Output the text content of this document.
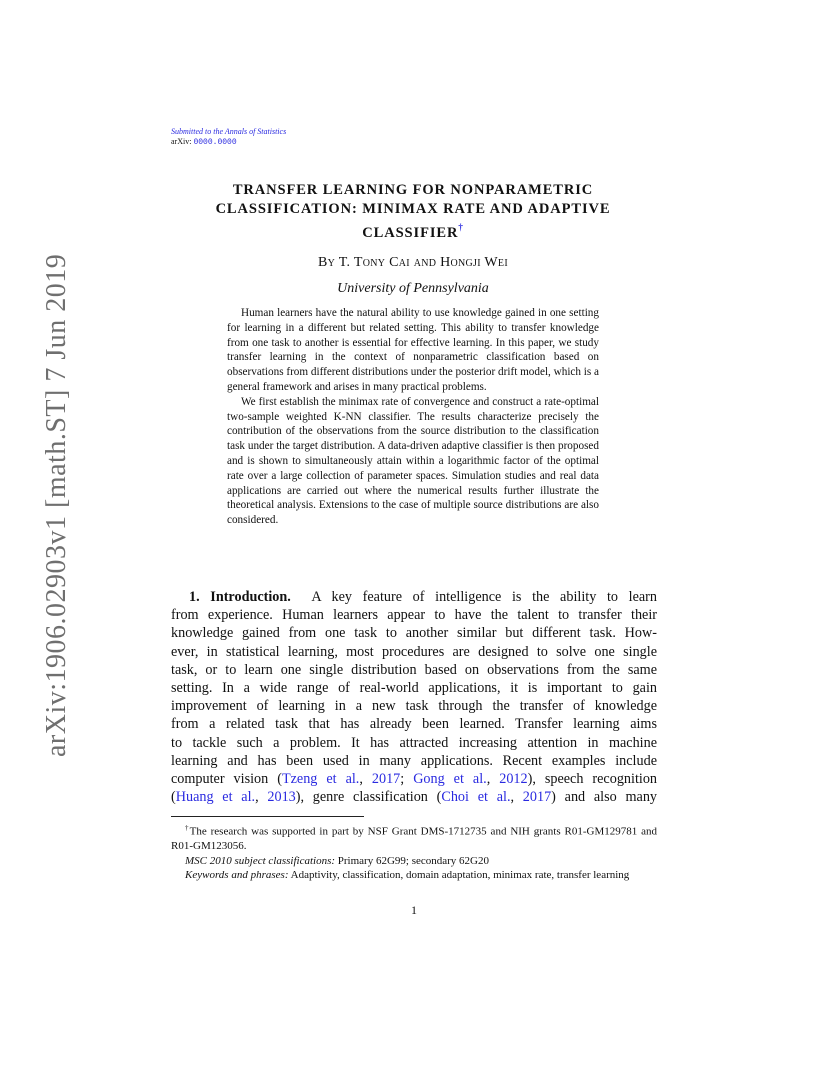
Submitted to the Annals of Statistics
arXiv: 0000.0000
arXiv:1906.02903v1 [math.ST] 7 Jun 2019
TRANSFER LEARNING FOR NONPARAMETRIC
CLASSIFICATION: MINIMAX RATE AND ADAPTIVE
CLASSIFIER†
By T. Tony Cai and Hongji Wei
University of Pennsylvania

Human learners have the natural ability to use knowledge gained in one setting for learning in a different but related setting. This ability to transfer knowledge from one task to another is essential for effective learning. In this paper, we study transfer learning in the context of nonparametric classification based on observations from different distributions under the posterior drift model, which is a general framework and arises in many practical problems.

We first establish the minimax rate of convergence and construct a rate-optimal two-sample weighted K-NN classifier. The results characterize precisely the contribution of the observations from the source distribution to the classification task under the target distribution. A data-driven adaptive classifier is then proposed and is shown to simultaneously attain within a logarithmic factor of the optimal rate over a large collection of parameter spaces. Simulation studies and real data applications are carried out where the numerical results further illustrate the theoretical analysis. Extensions to the case of multiple source distributions are also considered.

1. Introduction. A key feature of intelligence is the ability to learn
from experience. Human learners appear to have the talent to transfer their
knowledge gained from one task to another similar but different task. How-
ever, in statistical learning, most procedures are designed to solve one single
task, or to learn one single distribution based on observations from the same
setting. In a wide range of real-world applications, it is important to gain
improvement of learning in a new task through the transfer of knowledge
from a related task that has already been learned. Transfer learning aims
to tackle such a problem. It has attracted increasing attention in machine
learning and has been used in many applications. Recent examples include
computer vision (Tzeng et al., 2017; Gong et al., 2012), speech recognition
(Huang et al., 2013), genre classification (Choi et al., 2017) and also many

†The research was supported in part by NSF Grant DMS-1712735 and NIH grants R01-GM129781 and R01-GM123056.

MSC 2010 subject classifications: Primary 62G99; secondary 62G20

Keywords and phrases: Adaptivity, classification, domain adaptation, minimax rate, transfer learning

1
